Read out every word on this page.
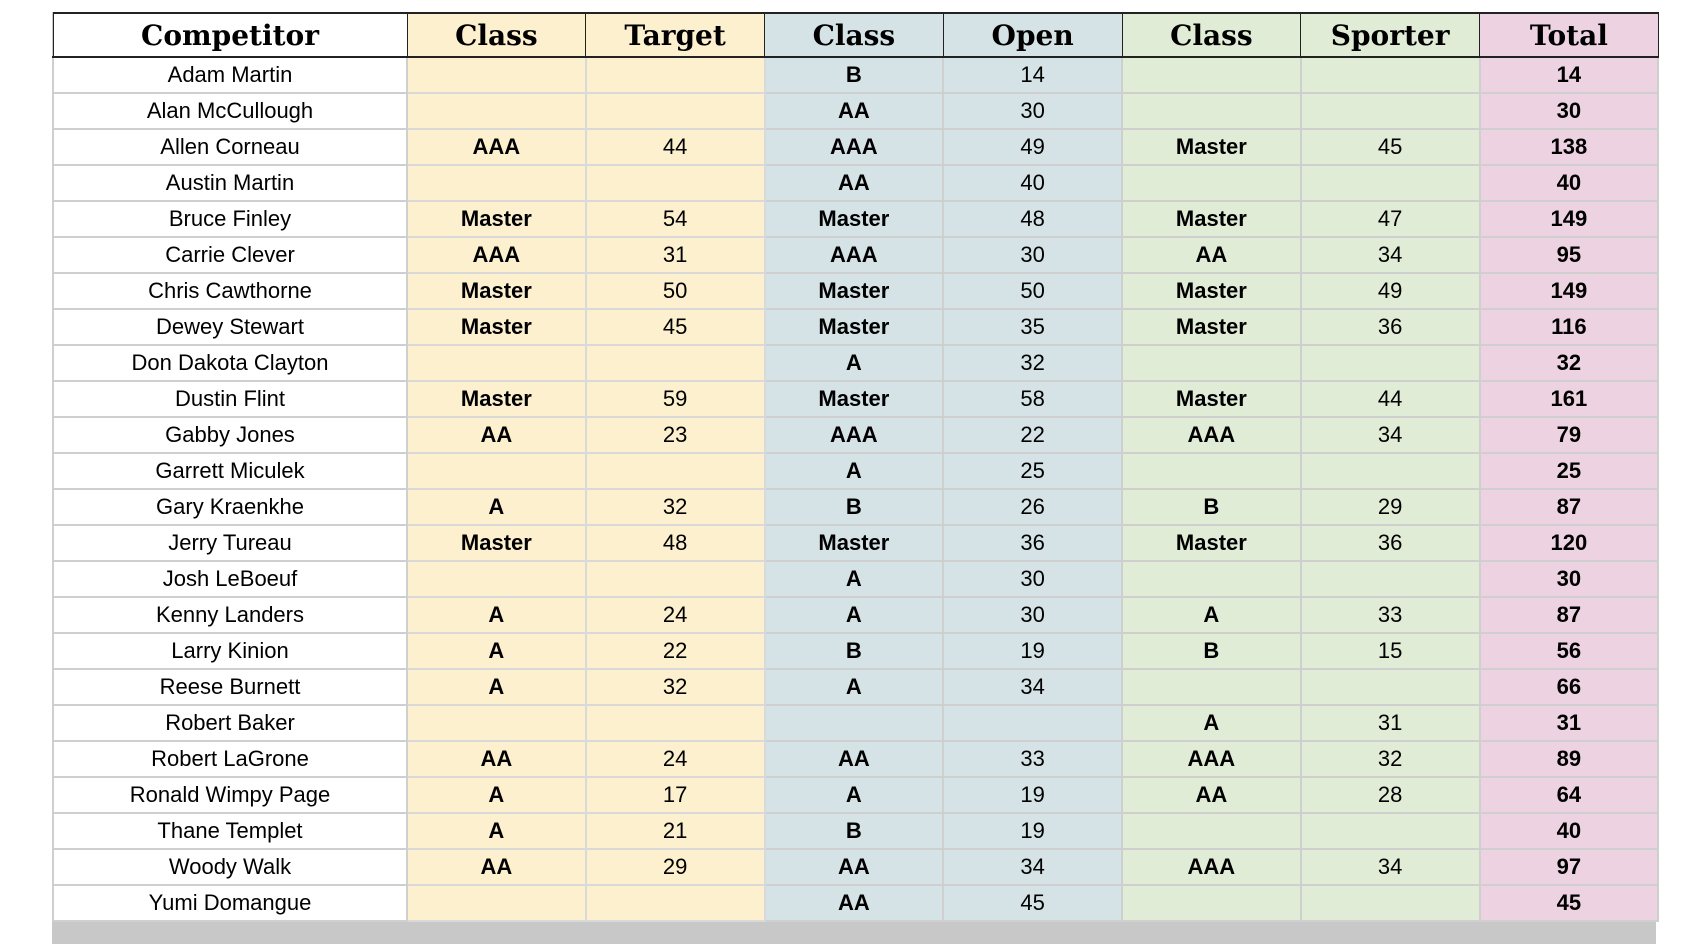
Competitor	Class	Target	Class	Open	Class	Sporter	Total
Adam Martin			B	14			14
Alan McCullough			AA	30			30
Allen Corneau	AAA	44	AAA	49	Master	45	138
Austin Martin			AA	40			40
Bruce Finley	Master	54	Master	48	Master	47	149
Carrie Clever	AAA	31	AAA	30	AA	34	95
Chris Cawthorne	Master	50	Master	50	Master	49	149
Dewey Stewart	Master	45	Master	35	Master	36	116
Don Dakota Clayton			A	32			32
Dustin Flint	Master	59	Master	58	Master	44	161
Gabby Jones	AA	23	AAA	22	AAA	34	79
Garrett Miculek			A	25			25
Gary Kraenkhe	A	32	B	26	B	29	87
Jerry Tureau	Master	48	Master	36	Master	36	120
Josh LeBoeuf			A	30			30
Kenny Landers	A	24	A	30	A	33	87
Larry Kinion	A	22	B	19	B	15	56
Reese Burnett	A	32	A	34			66
Robert Baker					A	31	31
Robert LaGrone	AA	24	AA	33	AAA	32	89
Ronald Wimpy Page	A	17	A	19	AA	28	64
Thane Templet	A	21	B	19			40
Woody Walk	AA	29	AA	34	AAA	34	97
Yumi Domangue			AA	45			45
